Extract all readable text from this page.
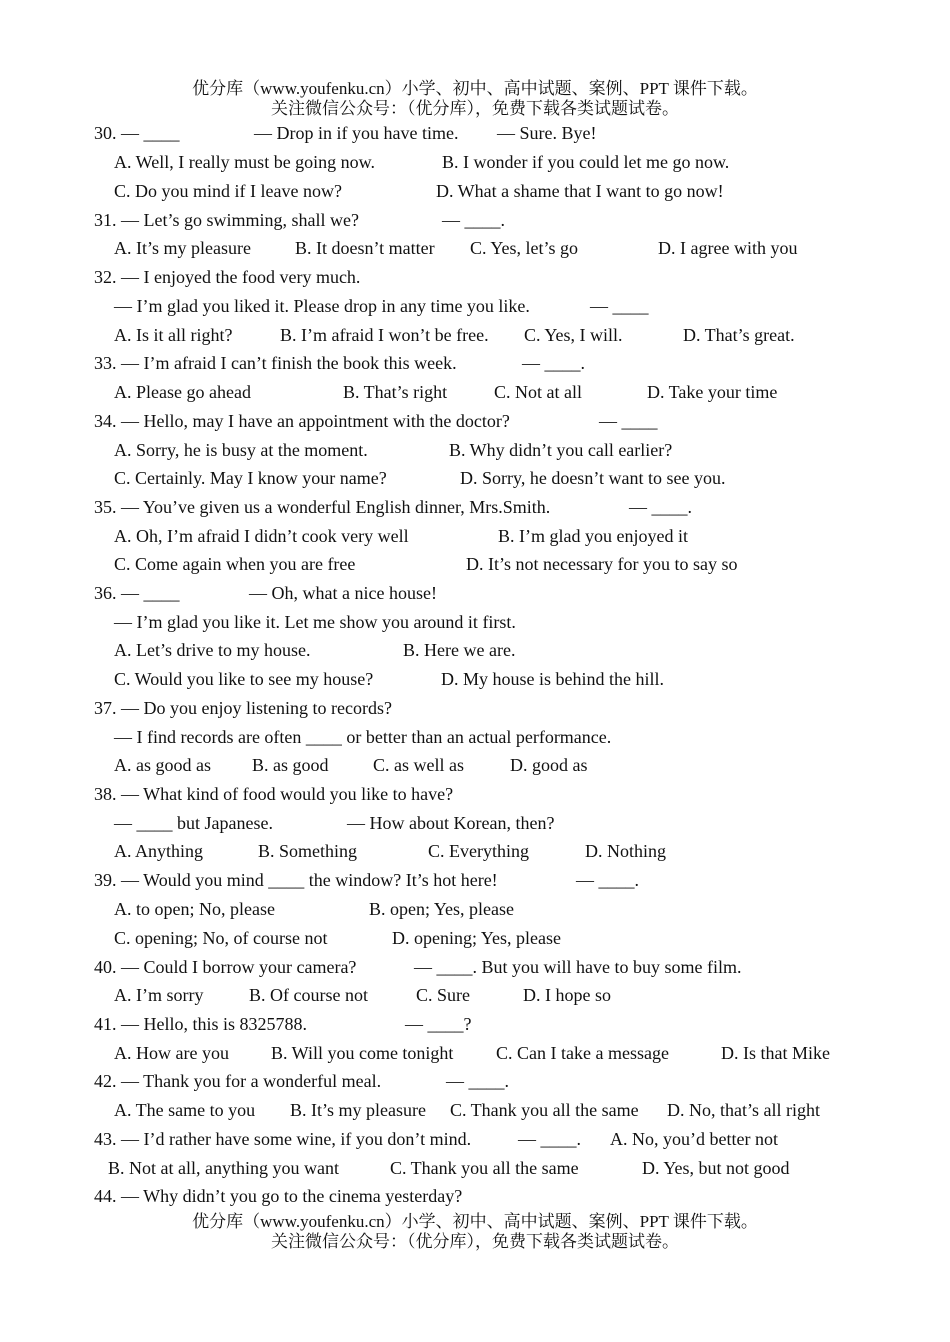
优分库（www.youfenku.cn）小学、初中、高中试题、案例、PPT 课件下载。
关注微信公众号：（优分库），免费下载各类试题试卷。
30. — ____	— Drop in if you have time. — Sure. Bye!
A. Well, I really must be going now.	B. I wonder if you could let me go now.
C. Do you mind if I leave now?	D. What a shame that I want to go now!
31. — Let’s go swimming, shall we?	— ____.
A. It’s my pleasure B. It doesn’t matter C. Yes, let’s go	D. I agree with you
32. — I enjoyed the food very much.
— I’m glad you liked it. Please drop in any time you like.	— ____
A. Is it all right?	B. I’m afraid I won’t be free. C. Yes, I will.	D. That’s great.
33. — I’m afraid I can’t finish the book this week.	— ____.
A. Please go ahead	B. That’s right	C. Not at all	D. Take your time
34. — Hello, may I have an appointment with the doctor?	— ____
A. Sorry, he is busy at the moment.	B. Why didn’t you call earlier?
C. Certainly. May I know your name?	D. Sorry, he doesn’t want to see you.
35. — You’ve given us a wonderful English dinner, Mrs.Smith.	— ____.
A. Oh, I’m afraid I didn’t cook very well	B. I’m glad you enjoyed it
C. Come again when you are free	D. It’s not necessary for you to say so
36. — ____	— Oh, what a nice house!
— I’m glad you like it. Let me show you around it first.
A. Let’s drive to my house.	B. Here we are.
C. Would you like to see my house?	D. My house is behind the hill.
37. — Do you enjoy listening to records?
— I find records are often ____ or better than an actual performance.
A. as good as B. as good C. as well as	D. good as
38. — What kind of food would you like to have?
— ____ but Japanese.	— How about Korean, then?
A. Anything	B. Something	C. Everything	D. Nothing
39. — Would you mind ____ the window? It’s hot here!	— ____.
A. to open; No, please	B. open; Yes, please
C. opening; No, of course not	D. opening; Yes, please
40. — Could I borrow your camera?	— ____. But you will have to buy some film.
A. I’m sorry	B. Of course not	C. Sure	D. I hope so
41. — Hello, this is 8325788.	— ____?
A. How are you B. Will you come tonight C. Can I take a message	D. Is that Mike
42. — Thank you for a wonderful meal.	— ____.
A. The same to you B. It’s my pleasure C. Thank you all the same D. No, that’s all right
43. — I’d rather have some wine, if you don’t mind.	— ____. A. No, you’d better not
B. Not at all, anything you want	C. Thank you all the same	D. Yes, but not good
44. — Why didn’t you go to the cinema yesterday?
优分库（www.youfenku.cn）小学、初中、高中试题、案例、PPT 课件下载。
关注微信公众号：（优分库），免费下载各类试题试卷。
